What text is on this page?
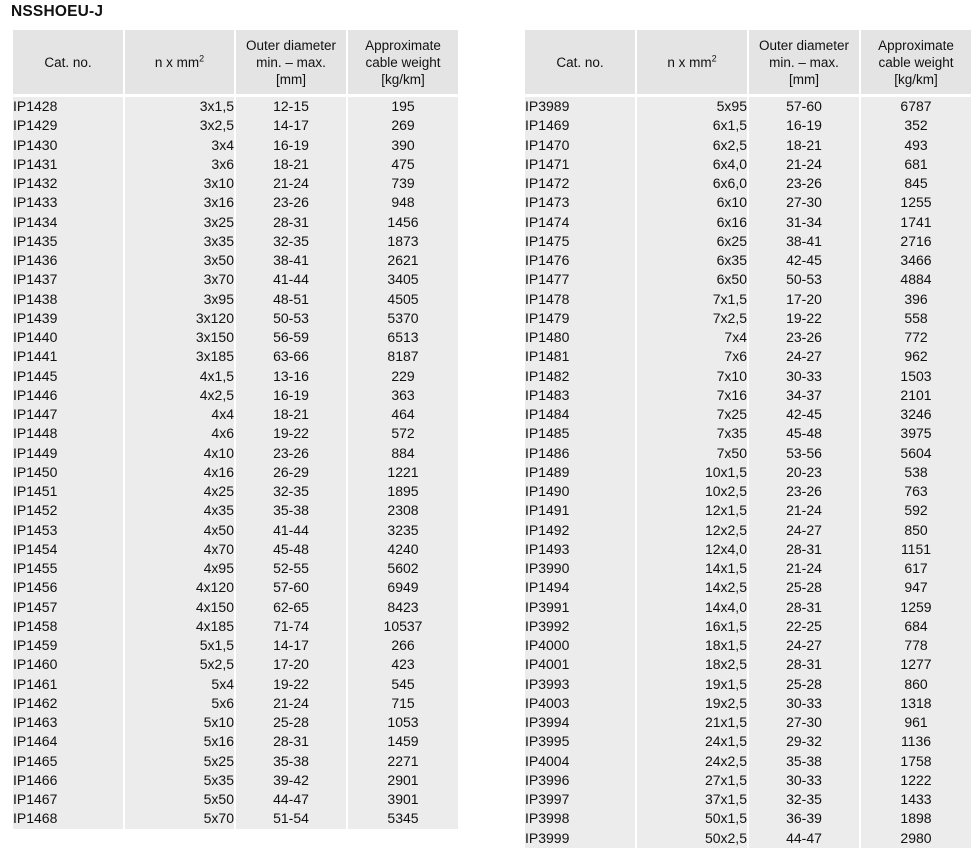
NSSHOEU-J
Cat. no.	n x $mm^2$	Outer diameter
min. – max.
[mm]	Approximate
cable weight
[kg/km]
IP1428	3x1,5	12-15	195
IP1429	3x2,5	14-17	269
IP1430	3x4	16-19	390
IP1431	3x6	18-21	475
IP1432	3x10	21-24	739
IP1433	3x16	23-26	948
IP1434	3x25	28-31	1456
IP1435	3x35	32-35	1873
IP1436	3x50	38-41	2621
IP1437	3x70	41-44	3405
IP1438	3x95	48-51	4505
IP1439	3x120	50-53	5370
IP1440	3x150	56-59	6513
IP1441	3x185	63-66	8187
IP1445	4x1,5	13-16	229
IP1446	4x2,5	16-19	363
IP1447	4x4	18-21	464
IP1448	4x6	19-22	572
IP1449	4x10	23-26	884
IP1450	4x16	26-29	1221
IP1451	4x25	32-35	1895
IP1452	4x35	35-38	2308
IP1453	4x50	41-44	3235
IP1454	4x70	45-48	4240
IP1455	4x95	52-55	5602
IP1456	4x120	57-60	6949
IP1457	4x150	62-65	8423
IP1458	4x185	71-74	10537
IP1459	5x1,5	14-17	266
IP1460	5x2,5	17-20	423
IP1461	5x4	19-22	545
IP1462	5x6	21-24	715
IP1463	5x10	25-28	1053
IP1464	5x16	28-31	1459
IP1465	5x25	35-38	2271
IP1466	5x35	39-42	2901
IP1467	5x50	44-47	3901
IP1468	5x70	51-54	5345
Cat. no.	n x $mm^2$	Outer diameter
min. – max.
[mm]	Approximate
cable weight
[kg/km]
IP3989	5x95	57-60	6787
IP1469	6x1,5	16-19	352
IP1470	6x2,5	18-21	493
IP1471	6x4,0	21-24	681
IP1472	6x6,0	23-26	845
IP1473	6x10	27-30	1255
IP1474	6x16	31-34	1741
IP1475	6x25	38-41	2716
IP1476	6x35	42-45	3466
IP1477	6x50	50-53	4884
IP1478	7x1,5	17-20	396
IP1479	7x2,5	19-22	558
IP1480	7x4	23-26	772
IP1481	7x6	24-27	962
IP1482	7x10	30-33	1503
IP1483	7x16	34-37	2101
IP1484	7x25	42-45	3246
IP1485	7x35	45-48	3975
IP1486	7x50	53-56	5604
IP1489	10x1,5	20-23	538
IP1490	10x2,5	23-26	763
IP1491	12x1,5	21-24	592
IP1492	12x2,5	24-27	850
IP1493	12x4,0	28-31	1151
IP3990	14x1,5	21-24	617
IP1494	14x2,5	25-28	947
IP3991	14x4,0	28-31	1259
IP3992	16x1,5	22-25	684
IP4000	18x1,5	24-27	778
IP4001	18x2,5	28-31	1277
IP3993	19x1,5	25-28	860
IP4003	19x2,5	30-33	1318
IP3994	21x1,5	27-30	961
IP3995	24x1,5	29-32	1136
IP4004	24x2,5	35-38	1758
IP3996	27x1,5	30-33	1222
IP3997	37x1,5	32-35	1433
IP3998	50x1,5	36-39	1898
IP3999	50x2,5	44-47	2980
